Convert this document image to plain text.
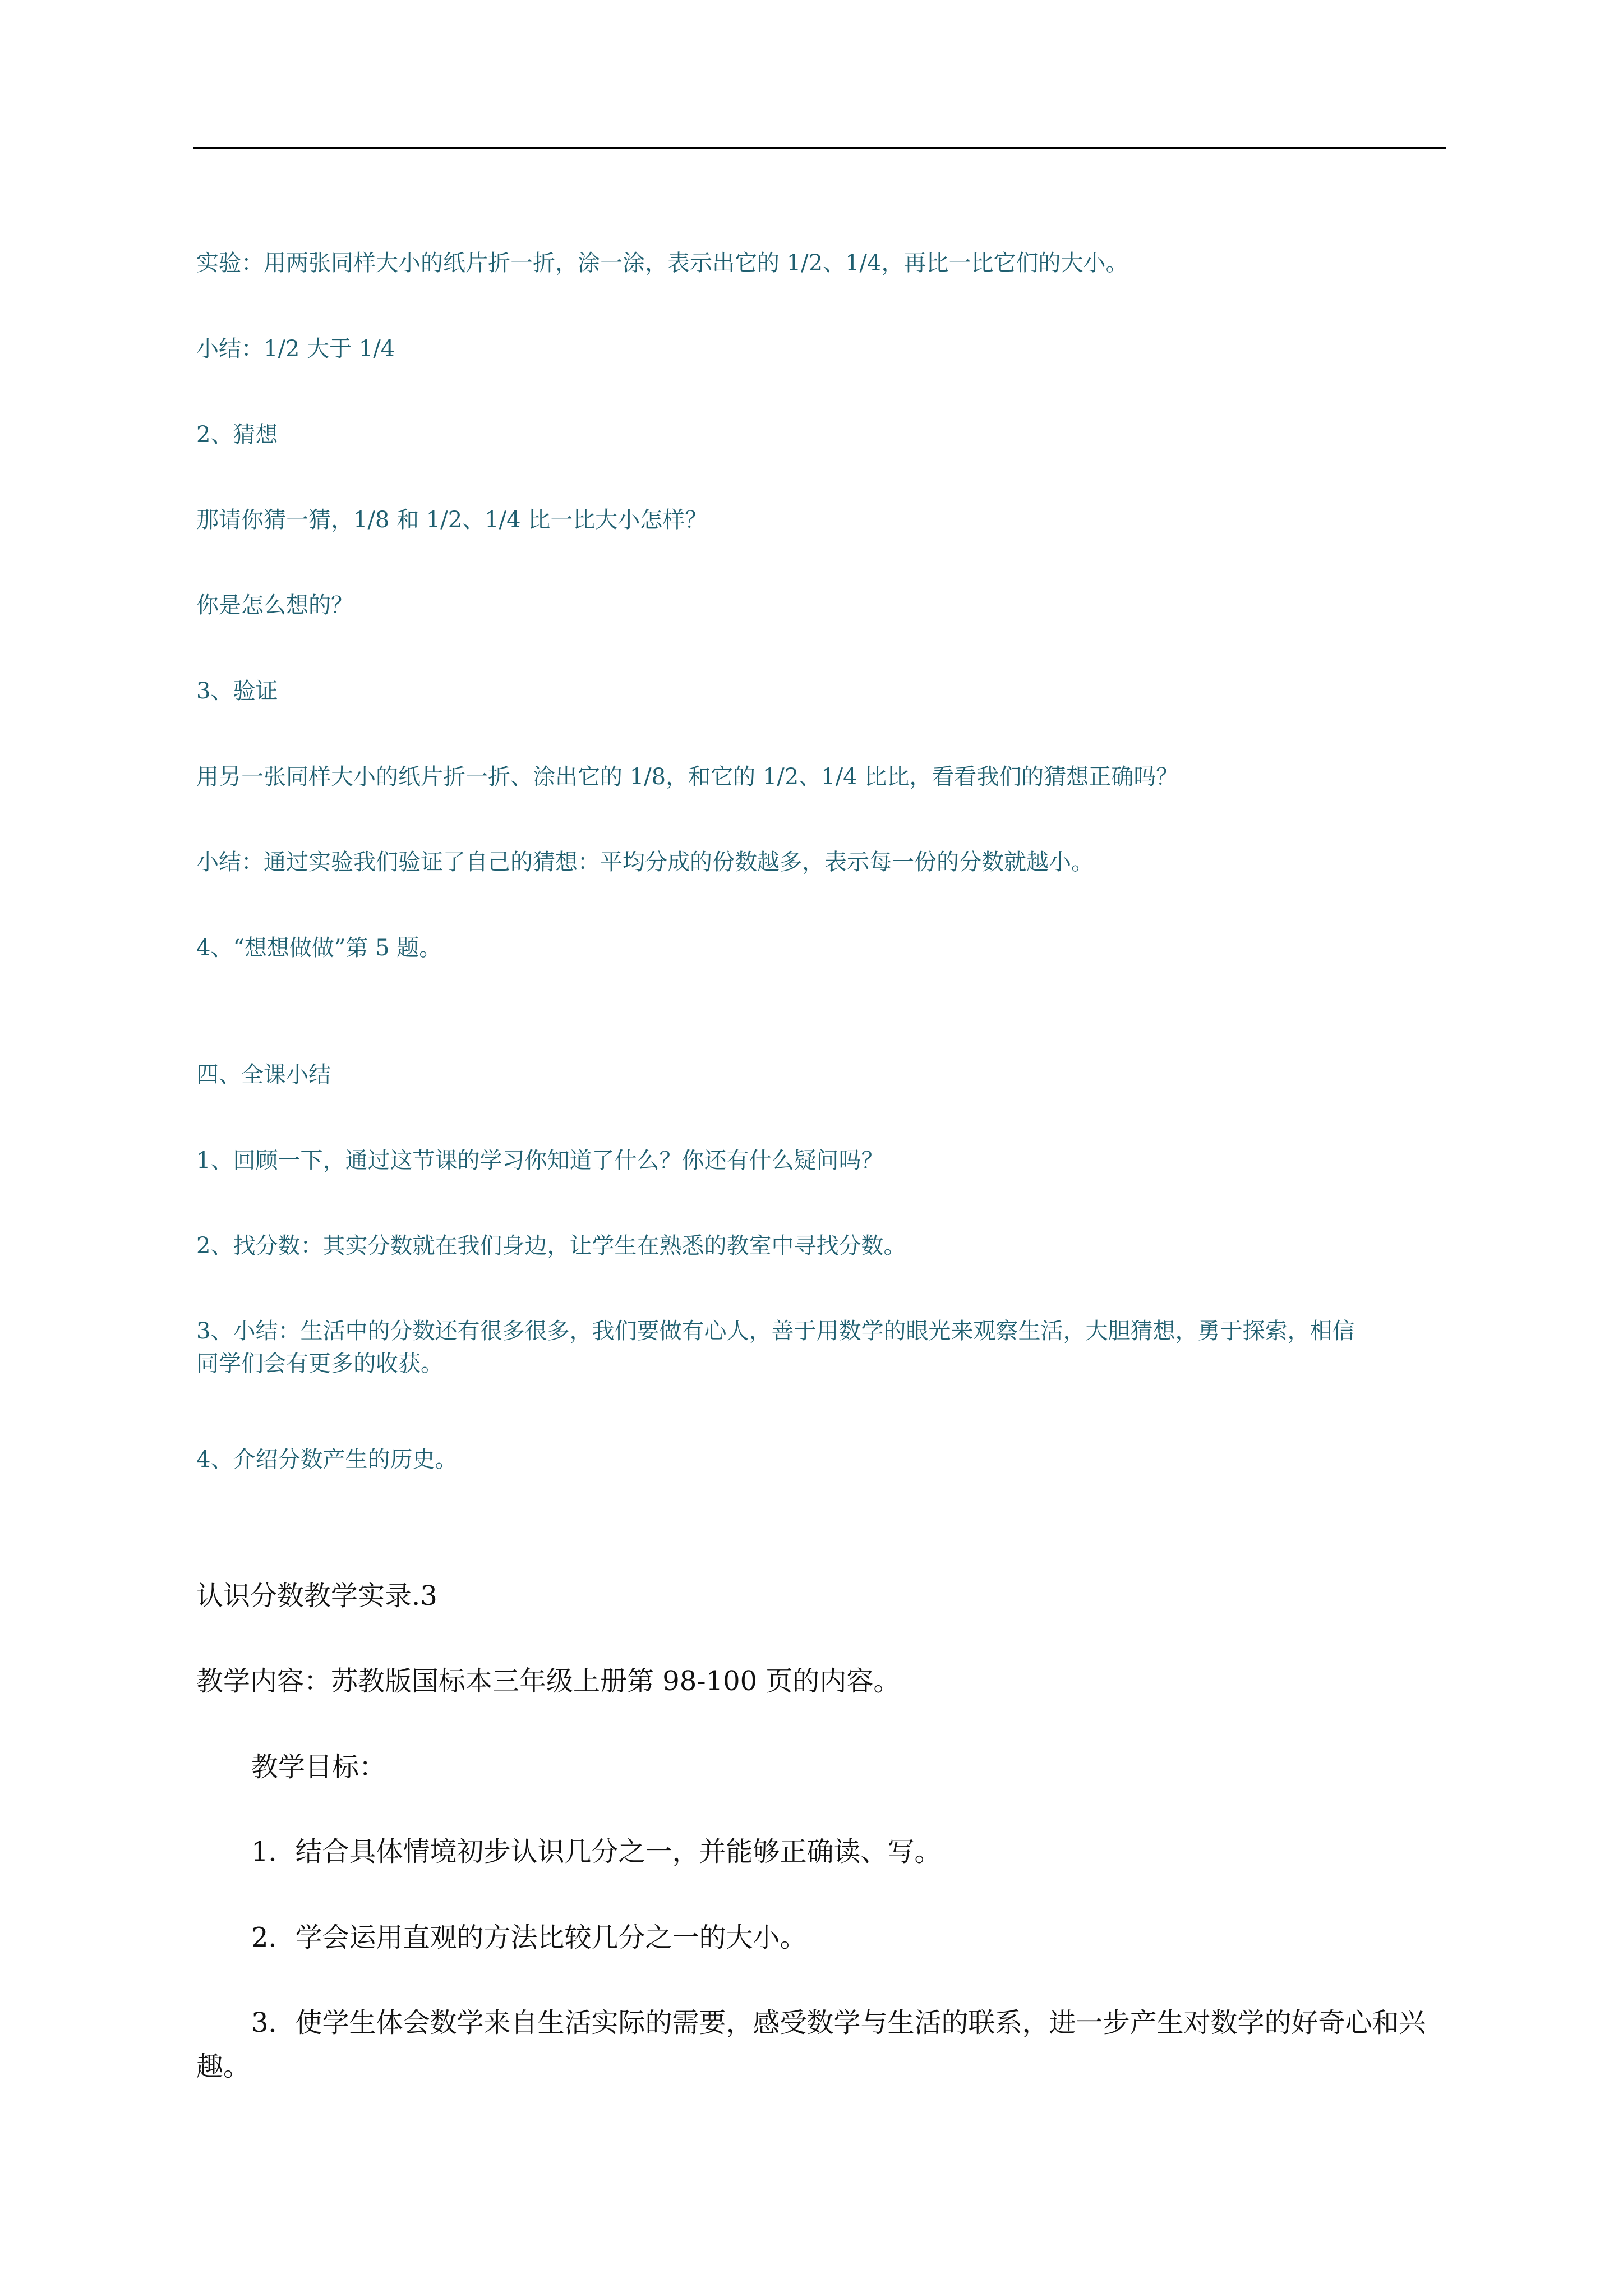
实验：用两张同样大小的纸片折一折，涂一涂，表示出它的 1/2、1/4，再比一比它们的大小。
小结：1/2 大于 1/4
2、猜想
那请你猜一猜，1/8 和 1/2、1/4 比一比大小怎样？
你是怎么想的？
3、验证
用另一张同样大小的纸片折一折、涂出它的 1/8，和它的 1/2、1/4 比比，看看我们的猜想正确吗？
小结：通过实验我们验证了自己的猜想：平均分成的份数越多，表示每一份的分数就越小。
4、“想想做做”第 5 题。
四、全课小结
1、回顾一下，通过这节课的学习你知道了什么？你还有什么疑问吗？
2、找分数：其实分数就在我们身边，让学生在熟悉的教室中寻找分数。
3、小结：生活中的分数还有很多很多，我们要做有心人，善于用数学的眼光来观察生活，大胆猜想，勇于探索，相信同学们会有更多的收获。
4、介绍分数产生的历史。
认识分数教学实录.3
教学内容：苏教版国标本三年级上册第 98-100 页的内容。
教学目标：
1．结合具体情境初步认识几分之一，并能够正确读、写。
2．学会运用直观的方法比较几分之一的大小。
3．使学生体会数学来自生活实际的需要，感受数学与生活的联系，进一步产生对数学的好奇心和兴趣。
